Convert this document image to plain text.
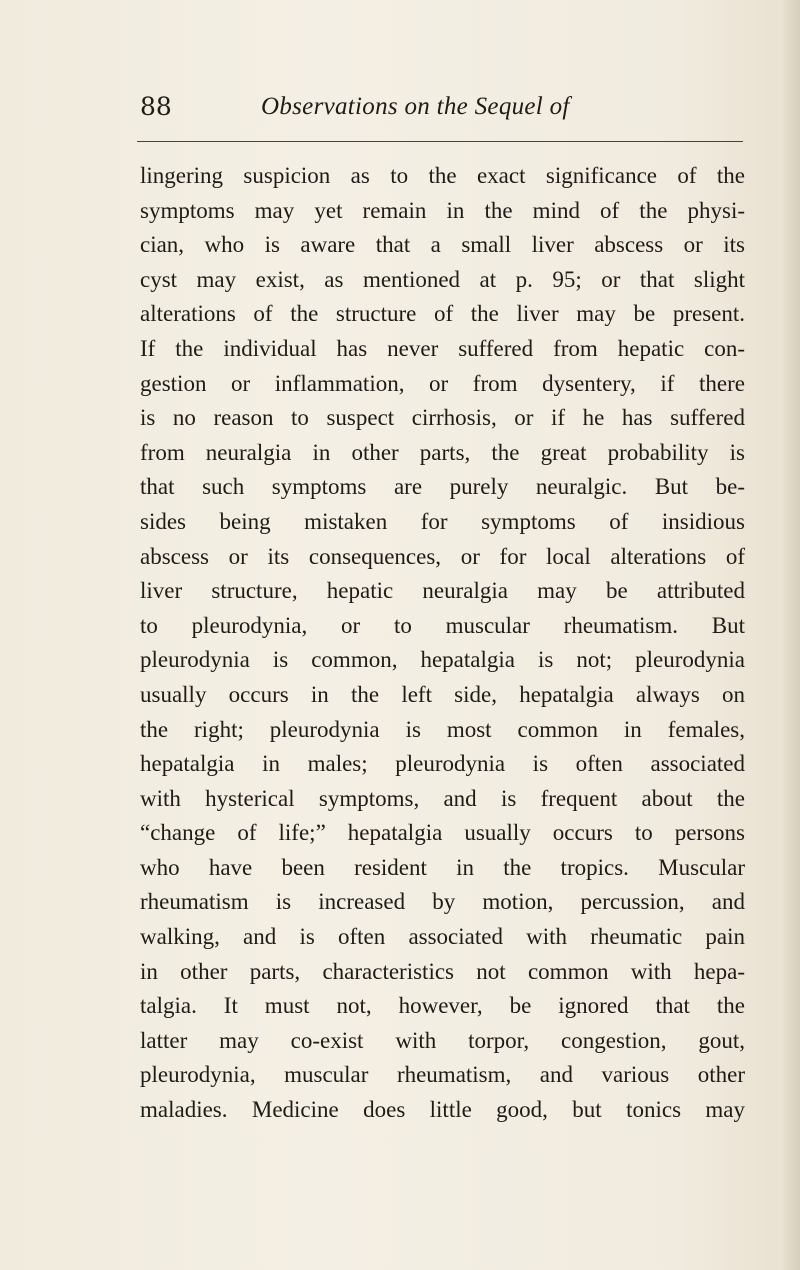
88	Observations on the Sequel of
lingering suspicion as to the exact significance of the
symptoms may yet remain in the mind of the physi-
cian, who is aware that a small liver abscess or its
cyst may exist, as mentioned at p. 95; or that slight
alterations of the structure of the liver may be present.
If the individual has never suffered from hepatic con-
gestion or inflammation, or from dysentery, if there
is no reason to suspect cirrhosis, or if he has suffered
from neuralgia in other parts, the great probability is
that such symptoms are purely neuralgic. But be-
sides being mistaken for symptoms of insidious
abscess or its consequences, or for local alterations of
liver structure, hepatic neuralgia may be attributed
to pleurodynia, or to muscular rheumatism. But
pleurodynia is common, hepatalgia is not; pleurodynia
usually occurs in the left side, hepatalgia always on
the right; pleurodynia is most common in females,
hepatalgia in males; pleurodynia is often associated
with hysterical symptoms, and is frequent about the
“change of life;” hepatalgia usually occurs to persons
who have been resident in the tropics. Muscular
rheumatism is increased by motion, percussion, and
walking, and is often associated with rheumatic pain
in other parts, characteristics not common with hepa-
talgia. It must not, however, be ignored that the
latter may co-exist with torpor, congestion, gout,
pleurodynia, muscular rheumatism, and various other
maladies. Medicine does little good, but tonics may
